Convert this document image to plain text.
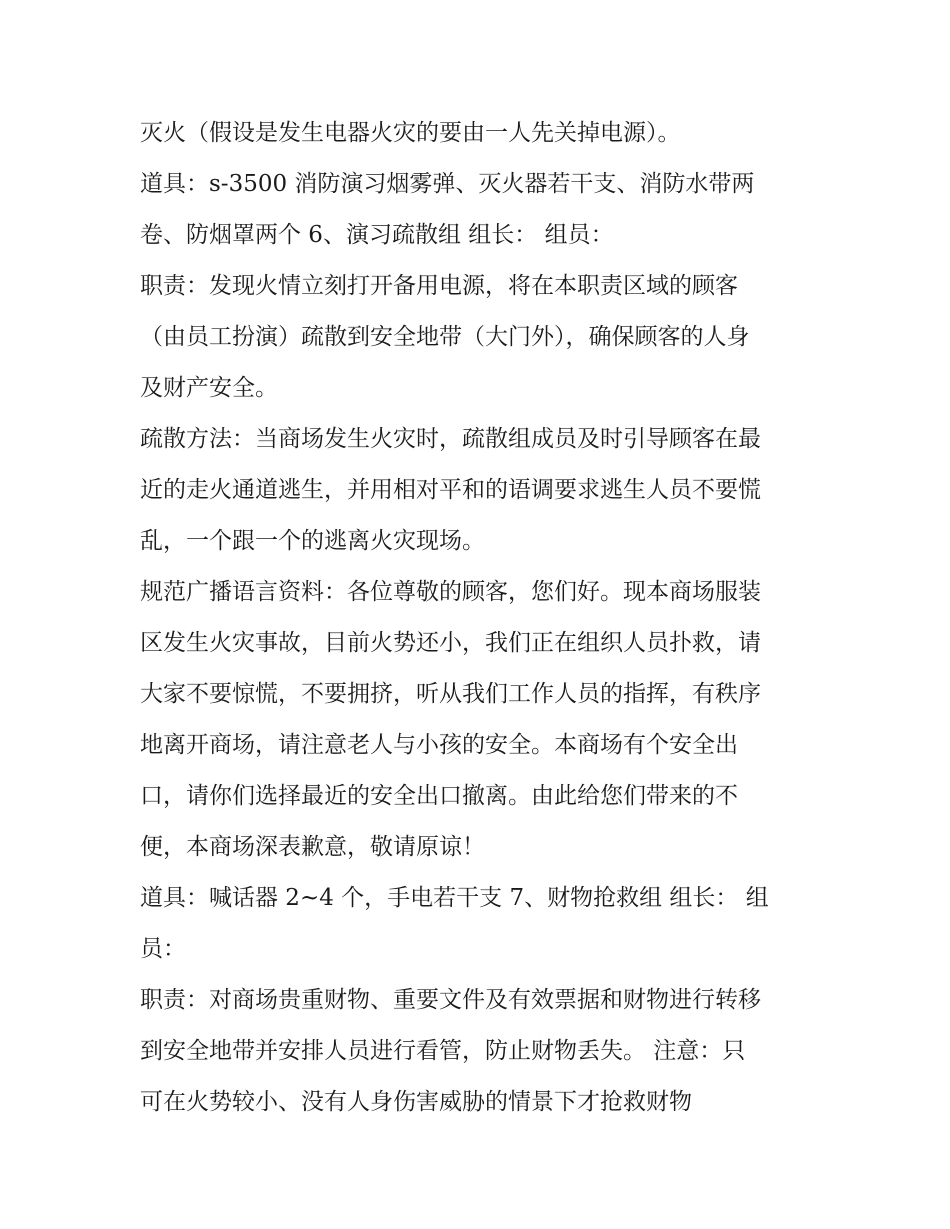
灭火（假设是发生电器火灾的要由一人先关掉电源）。
道具：s-3500 消防演习烟雾弹、灭火器若干支、消防水带两
卷、防烟罩两个 6、演习疏散组 组长： 组员：
职责：发现火情立刻打开备用电源，将在本职责区域的顾客
（由员工扮演）疏散到安全地带（大门外），确保顾客的人身
及财产安全。
疏散方法：当商场发生火灾时，疏散组成员及时引导顾客在最
近的走火通道逃生，并用相对平和的语调要求逃生人员不要慌
乱，一个跟一个的逃离火灾现场。
规范广播语言资料：各位尊敬的顾客，您们好。现本商场服装
区发生火灾事故，目前火势还小，我们正在组织人员扑救，请
大家不要惊慌，不要拥挤，听从我们工作人员的指挥，有秩序
地离开商场，请注意老人与小孩的安全。本商场有个安全出
口，请你们选择最近的安全出口撤离。由此给您们带来的不
便，本商场深表歉意，敬请原谅！
道具：喊话器 2~4 个，手电若干支 7、财物抢救组 组长： 组
员：
职责：对商场贵重财物、重要文件及有效票据和财物进行转移
到安全地带并安排人员进行看管，防止财物丢失。 注意：只
可在火势较小、没有人身伤害威胁的情景下才抢救财物
